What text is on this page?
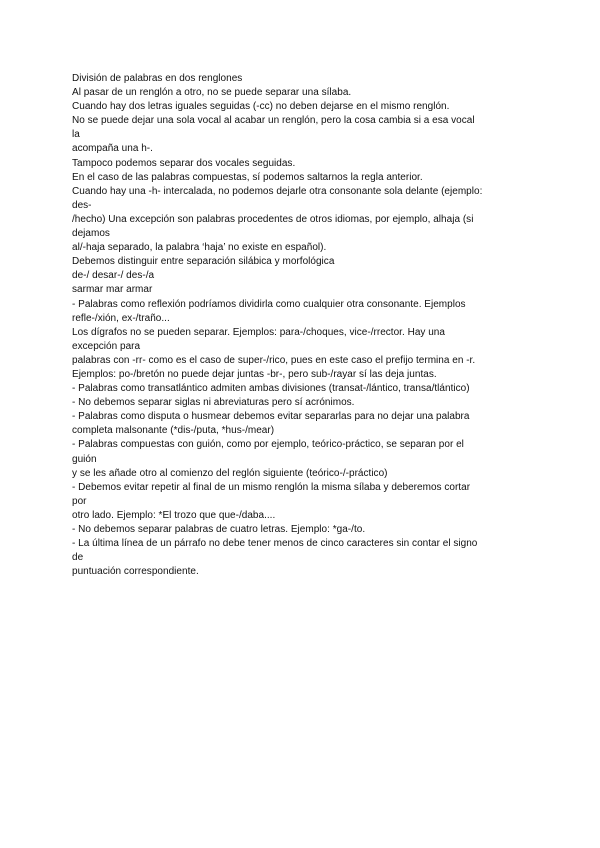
División de palabras en dos renglones
Al pasar de un renglón a otro, no se puede separar una sílaba.
Cuando hay dos letras iguales seguidas (-cc) no deben dejarse en el mismo renglón.
No se puede dejar una sola vocal al acabar un renglón, pero la cosa cambia si a esa vocal
la
acompaña una h-.
Tampoco podemos separar dos vocales seguidas.
En el caso de las palabras compuestas, sí podemos saltarnos la regla anterior.
Cuando hay una -h- intercalada, no podemos dejarle otra consonante sola delante (ejemplo:
des-
/hecho) Una excepción son palabras procedentes de otros idiomas, por ejemplo, alhaja (si
dejamos
al/-haja separado, la palabra ‘haja’ no existe en español).
Debemos distinguir entre separación silábica y morfológica
de-/ desar-/ des-/a
sarmar mar armar
- Palabras como reflexión podríamos dividirla como cualquier otra consonante. Ejemplos
refle-/xión, ex-/traño...
Los dígrafos no se pueden separar. Ejemplos: para-/choques, vice-/rrector. Hay una
excepción para
palabras con -rr- como es el caso de super-/rico, pues en este caso el prefijo termina en -r.
Ejemplos: po-/bretón no puede dejar juntas -br-, pero sub-/rayar sí las deja juntas.
- Palabras como transatlántico admiten ambas divisiones (transat-/lántico, transa/tlántico)
- No debemos separar siglas ni abreviaturas pero sí acrónimos.
- Palabras como disputa o husmear debemos evitar separarlas para no dejar una palabra
completa malsonante (*dis-/puta, *hus-/mear)
- Palabras compuestas con guión, como por ejemplo, teórico-práctico, se separan por el
guión
y se les añade otro al comienzo del reglón siguiente (teórico-/-práctico)
- Debemos evitar repetir al final de un mismo renglón la misma sílaba y deberemos cortar
por
otro lado. Ejemplo: *El trozo que que-/daba....
- No debemos separar palabras de cuatro letras. Ejemplo: *ga-/to.
- La última línea de un párrafo no debe tener menos de cinco caracteres sin contar el signo
de
puntuación correspondiente.
